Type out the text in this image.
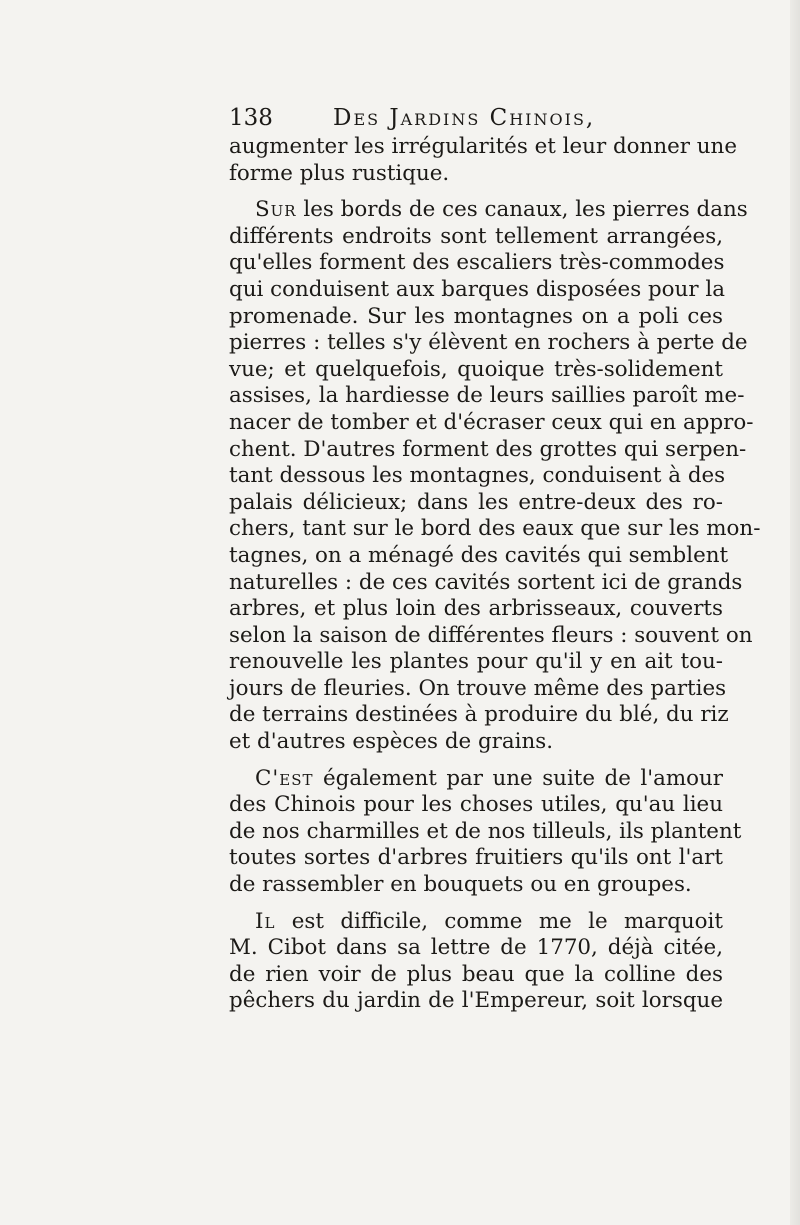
138	Des Jardins Chinois,
augmenter les irrégularités et leur donner une
forme plus rustique.
Sur les bords de ces canaux, les pierres dans
différents endroits sont tellement arrangées,
qu'elles forment des escaliers très-commodes
qui conduisent aux barques disposées pour la
promenade. Sur les montagnes on a poli ces
pierres : telles s'y élèvent en rochers à perte de
vue; et quelquefois, quoique très-solidement
assises, la hardiesse de leurs saillies paroît me-
nacer de tomber et d'écraser ceux qui en appro-
chent. D'autres forment des grottes qui serpen-
tant dessous les montagnes, conduisent à des
palais délicieux; dans les entre-deux des ro-
chers, tant sur le bord des eaux que sur les mon-
tagnes, on a ménagé des cavités qui semblent
naturelles : de ces cavités sortent ici de grands
arbres, et plus loin des arbrisseaux, couverts
selon la saison de différentes fleurs : souvent on
renouvelle les plantes pour qu'il y en ait tou-
jours de fleuries. On trouve même des parties
de terrains destinées à produire du blé, du riz
et d'autres espèces de grains.
C'est également par une suite de l'amour
des Chinois pour les choses utiles, qu'au lieu
de nos charmilles et de nos tilleuls, ils plantent
toutes sortes d'arbres fruitiers qu'ils ont l'art
de rassembler en bouquets ou en groupes.
Il est difficile, comme me le marquoit
M. Cibot dans sa lettre de 1770, déjà citée,
de rien voir de plus beau que la colline des
pêchers du jardin de l'Empereur, soit lorsque
